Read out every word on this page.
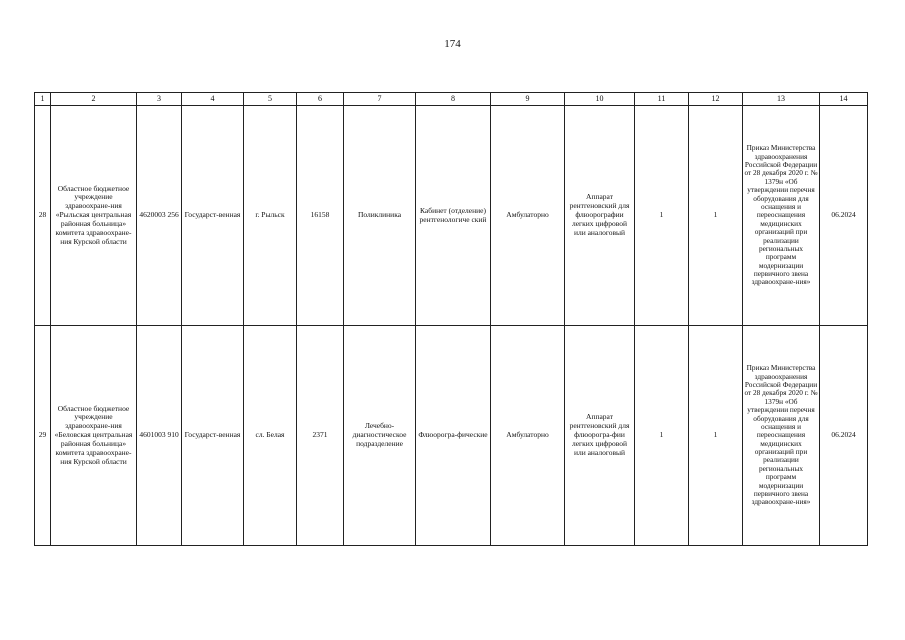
174
1	2	3	4	5	6	7	8	9	10	11	12	13	14
28	Областное бюджетное учреждение здравоохране-ния «Рыльская центральная районная больница» комитета здравоохране-ния Курской области	4620003 256	Государст-венная	г. Рыльск	16158	Поликлиника	Кабинет (отделение) рентгенологиче ский	Амбулаторно	Аппарат рентгеновский для флюорографии легких цифровой или аналоговый	1	1	Приказ Министерства здравоохранения Российской Федерации от 28 декабря 2020 г. № 1379н «Об утверждении перечня оборудования для оснащения и переоснащения медицинских организаций при реализации региональных программ модернизации первичного звена здравоохране-ния»	06.2024
29	Областное бюджетное учреждение здравоохране-ния «Беловская центральная районная больница» комитета здравоохране-ния Курской области	4601003 910	Государст-венная	сл. Белая	2371	Лечебно-диагностическое подразделение	Флюорогра-фические	Амбулаторно	Аппарат рентгеновский для флюорогра-фии легких цифровой или аналоговый	1	1	Приказ Министерства здравоохранения Российской Федерации от 28 декабря 2020 г. № 1379н «Об утверждении перечня оборудования для оснащения и переоснащения медицинских организаций при реализации региональных программ модернизации первичного звена здравоохране-ния»	06.2024
